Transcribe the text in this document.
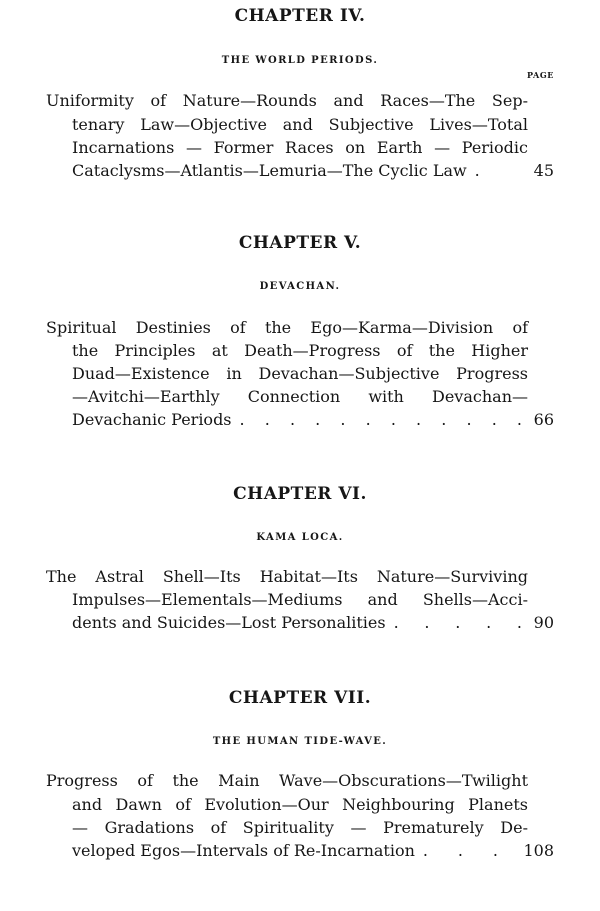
CHAPTER IV.
THE WORLD PERIODS.
PAGE
Uniformity of Nature—Rounds and Races—The Sep-
tenary Law—Objective and Subjective Lives—Total
Incarnations — Former Races on Earth — Periodic
Cataclysms—Atlantis—Lemuria—The Cyclic Law .	45
CHAPTER V.
DEVACHAN.
Spiritual Destinies of the Ego—Karma—Division of
the Principles at Death—Progress of the Higher
Duad—Existence in Devachan—Subjective Progress
—Avitchi—Earthly Connection with Devachan—
Devachanic Periods . . . . . . . . . . . . 66
CHAPTER VI.
KAMA LOCA.
The Astral Shell—Its Habitat—Its Nature—Surviving
Impulses—Elementals—Mediums and Shells—Acci-
dents and Suicides—Lost Personalities . . . . . 90
CHAPTER VII.
THE HUMAN TIDE-WAVE.
Progress of the Main Wave—Obscurations—Twilight
and Dawn of Evolution—Our Neighbouring Planets
— Gradations of Spirituality — Prematurely De-
veloped Egos—Intervals of Re-Incarnation . . . 108
